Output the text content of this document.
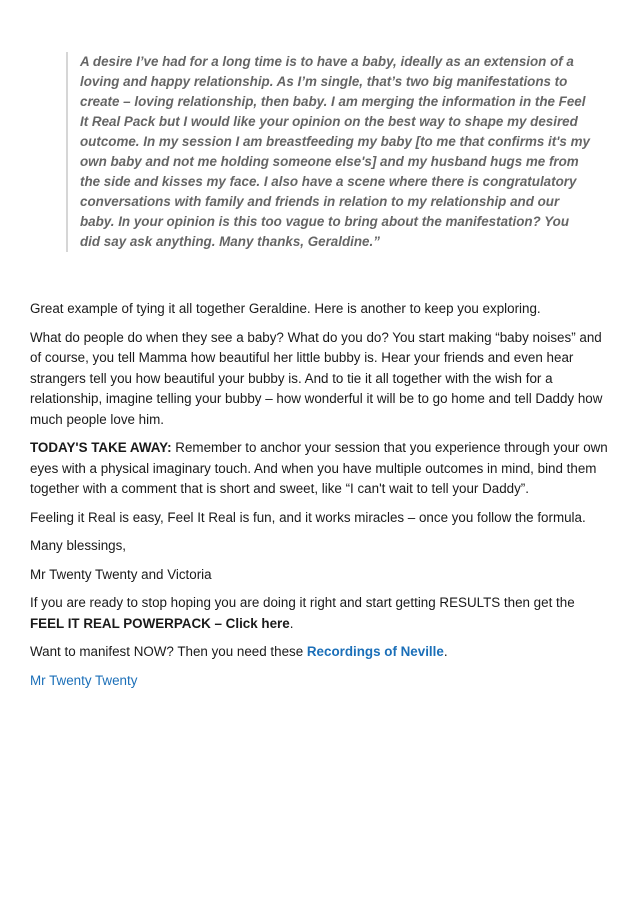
A desire I’ve had for a long time is to have a baby, ideally as an extension of a loving and happy relationship. As I’m single, that’s two big manifestations to create – loving relationship, then baby. I am merging the information in the Feel It Real Pack but I would like your opinion on the best way to shape my desired outcome. In my session I am breastfeeding my baby [to me that confirms it's my own baby and not me holding someone else's] and my husband hugs me from the side and kisses my face. I also have a scene where there is congratulatory conversations with family and friends in relation to my relationship and our baby. In your opinion is this too vague to bring about the manifestation? You did say ask anything. Many thanks, Geraldine.”

Great example of tying it all together Geraldine. Here is another to keep you exploring.

What do people do when they see a baby? What do you do? You start making “baby noises” and of course, you tell Mamma how beautiful her little bubby is. Hear your friends and even hear strangers tell you how beautiful your bubby is. And to tie it all together with the wish for a relationship, imagine telling your bubby – how wonderful it will be to go home and tell Daddy how much people love him.

TODAY'S TAKE AWAY: Remember to anchor your session that you experience through your own eyes with a physical imaginary touch. And when you have multiple outcomes in mind, bind them together with a comment that is short and sweet, like “I can't wait to tell your Daddy”.

Feeling it Real is easy, Feel It Real is fun, and it works miracles – once you follow the formula.

Many blessings,

Mr Twenty Twenty and Victoria

If you are ready to stop hoping you are doing it right and start getting RESULTS then get the FEEL IT REAL POWERPACK – Click here.

Want to manifest NOW? Then you need these Recordings of Neville.

Mr Twenty Twenty
